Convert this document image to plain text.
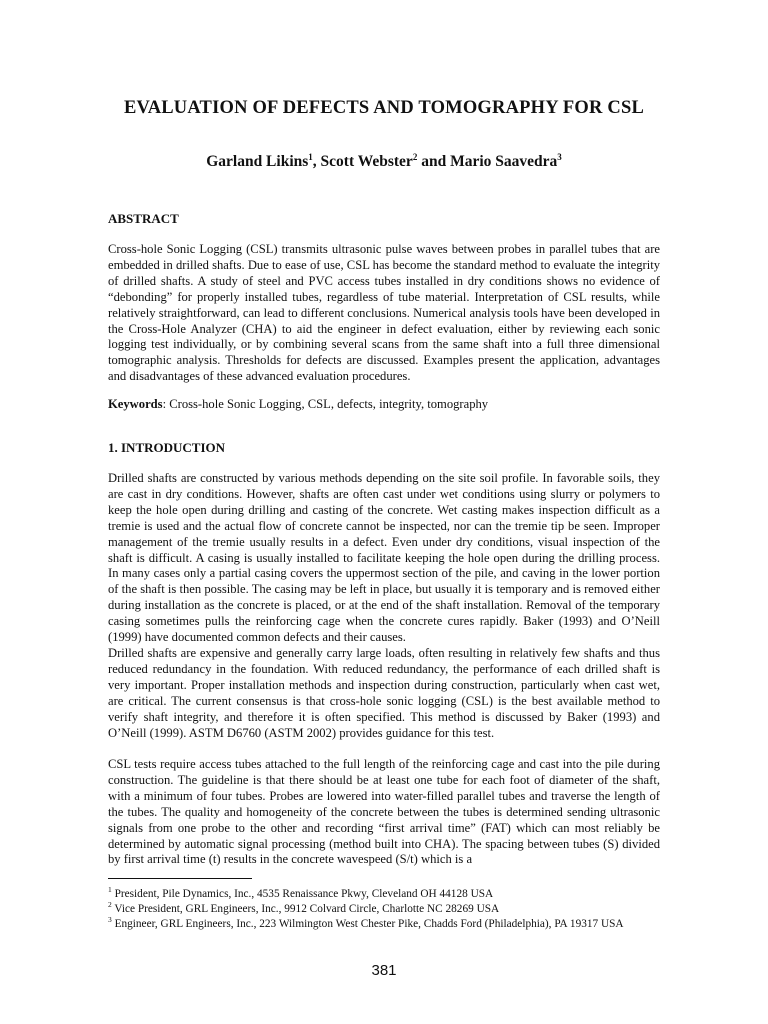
EVALUATION OF DEFECTS AND TOMOGRAPHY FOR CSL
Garland Likins$^1$, Scott Webster$^2$ and Mario Saavedra$^3$
ABSTRACT

Cross-hole Sonic Logging (CSL) transmits ultrasonic pulse waves between probes in parallel tubes that are embedded in drilled shafts. Due to ease of use, CSL has become the standard method to evaluate the integrity of drilled shafts. A study of steel and PVC access tubes installed in dry conditions shows no evidence of “debonding” for properly installed tubes, regardless of tube material. Interpretation of CSL results, while relatively straightforward, can lead to different conclusions. Numerical analysis tools have been developed in the Cross-Hole Analyzer (CHA) to aid the engineer in defect evaluation, either by reviewing each sonic logging test individually, or by combining several scans from the same shaft into a full three dimensional tomographic analysis. Thresholds for defects are discussed. Examples present the application, advantages and disadvantages of these advanced evaluation procedures.

Keywords: Cross-hole Sonic Logging, CSL, defects, integrity, tomography
1. INTRODUCTION

Drilled shafts are constructed by various methods depending on the site soil profile. In favorable soils, they are cast in dry conditions. However, shafts are often cast under wet conditions using slurry or polymers to keep the hole open during drilling and casting of the concrete. Wet casting makes inspection difficult as a tremie is used and the actual flow of concrete cannot be inspected, nor can the tremie tip be seen. Improper management of the tremie usually results in a defect. Even under dry conditions, visual inspection of the shaft is difficult. A casing is usually installed to facilitate keeping the hole open during the drilling process. In many cases only a partial casing covers the uppermost section of the pile, and caving in the lower portion of the shaft is then possible. The casing may be left in place, but usually it is temporary and is removed either during installation as the concrete is placed, or at the end of the shaft installation. Removal of the temporary casing sometimes pulls the reinforcing cage when the concrete cures rapidly. Baker (1993) and O’Neill (1999) have documented common defects and their causes.

Drilled shafts are expensive and generally carry large loads, often resulting in relatively few shafts and thus reduced redundancy in the foundation. With reduced redundancy, the performance of each drilled shaft is very important. Proper installation methods and inspection during construction, particularly when cast wet, are critical. The current consensus is that cross-hole sonic logging (CSL) is the best available method to verify shaft integrity, and therefore it is often specified. This method is discussed by Baker (1993) and O’Neill (1999). ASTM D6760 (ASTM 2002) provides guidance for this test.

CSL tests require access tubes attached to the full length of the reinforcing cage and cast into the pile during construction. The guideline is that there should be at least one tube for each foot of diameter of the shaft, with a minimum of four tubes. Probes are lowered into water-filled parallel tubes and traverse the length of the tubes. The quality and homogeneity of the concrete between the tubes is determined sending ultrasonic signals from one probe to the other and recording “first arrival time” (FAT) which can most reliably be determined by automatic signal processing (method built into CHA). The spacing between tubes (S) divided by first arrival time (t) results in the concrete wavespeed (S/t) which is a

$^1$ President, Pile Dynamics, Inc., 4535 Renaissance Pkwy, Cleveland OH 44128 USA
$^2$ Vice President, GRL Engineers, Inc., 9912 Colvard Circle, Charlotte NC 28269 USA
$^3$ Engineer, GRL Engineers, Inc., 223 Wilmington West Chester Pike, Chadds Ford (Philadelphia), PA 19317 USA
381
